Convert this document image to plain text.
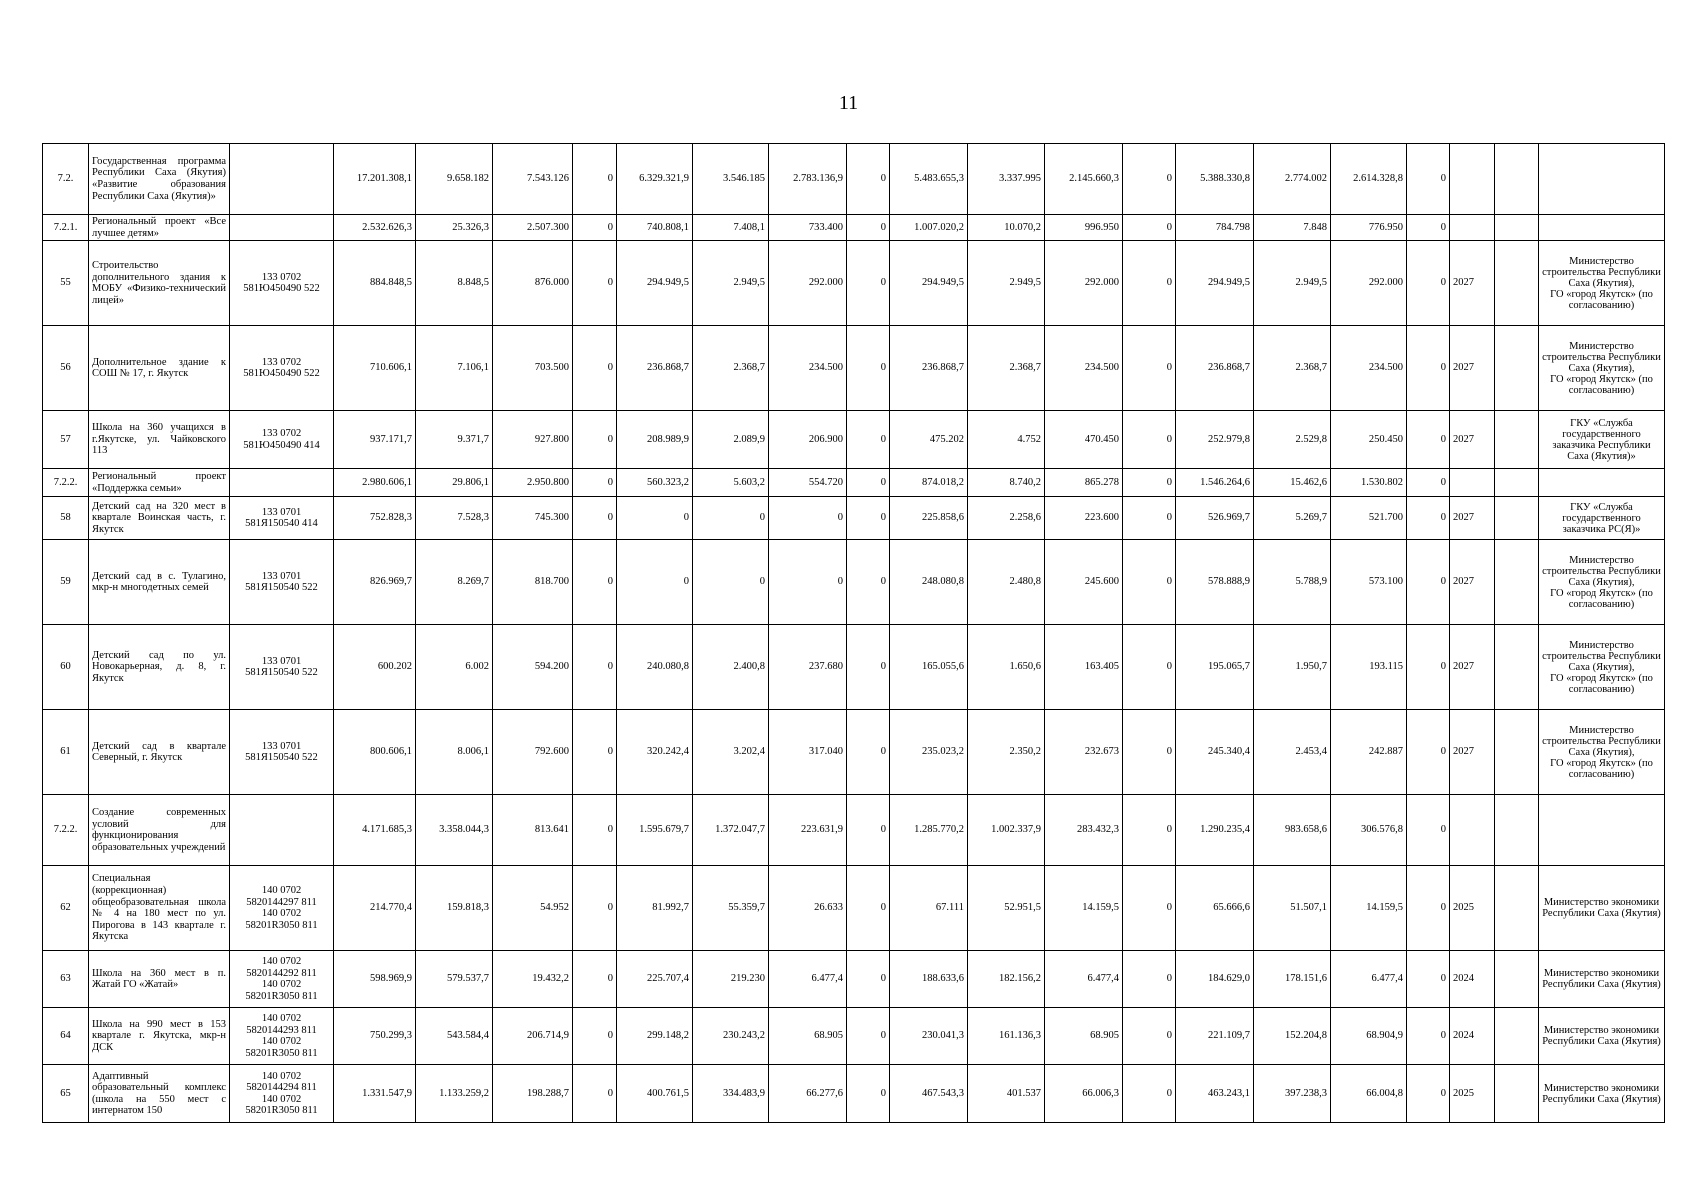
11
7.2.	Государственная программа Республики Саха (Якутия) «Развитие образования Республики Саха (Якутия)»		17.201.308,1	9.658.182	7.543.126	0	6.329.321,9	3.546.185	2.783.136,9	0	5.483.655,3	3.337.995	2.145.660,3	0	5.388.330,8	2.774.002	2.614.328,8	0			
7.2.1.	Региональный проект «Все лучшее детям»		2.532.626,3	25.326,3	2.507.300	0	740.808,1	7.408,1	733.400	0	1.007.020,2	10.070,2	996.950	0	784.798	7.848	776.950	0			
55	Строительство дополнительного здания к МОБУ «Физико-технический лицей»	133 0702
581Ю450490 522	884.848,5	8.848,5	876.000	0	294.949,5	2.949,5	292.000	0	294.949,5	2.949,5	292.000	0	294.949,5	2.949,5	292.000	0	2027		Министерство строительства Республики Саха (Якутия),
ГО «город Якутск» (по согласованию)
56	Дополнительное здание к СОШ № 17, г. Якутск	133 0702
581Ю450490 522	710.606,1	7.106,1	703.500	0	236.868,7	2.368,7	234.500	0	236.868,7	2.368,7	234.500	0	236.868,7	2.368,7	234.500	0	2027		Министерство строительства Республики Саха (Якутия),
ГО «город Якутск» (по согласованию)
57	Школа на 360 учащихся в г.Якутске, ул. Чайковского 113	133 0702
581Ю450490 414	937.171,7	9.371,7	927.800	0	208.989,9	2.089,9	206.900	0	475.202	4.752	470.450	0	252.979,8	2.529,8	250.450	0	2027		ГКУ «Служба государственного заказчика Республики Саха (Якутия)»
7.2.2.	Региональный проект «Поддержка семьи»		2.980.606,1	29.806,1	2.950.800	0	560.323,2	5.603,2	554.720	0	874.018,2	8.740,2	865.278	0	1.546.264,6	15.462,6	1.530.802	0			
58	Детский сад на 320 мест в квартале Воинская часть, г. Якутск	133 0701
581Я150540 414	752.828,3	7.528,3	745.300	0	0	0	0	0	225.858,6	2.258,6	223.600	0	526.969,7	5.269,7	521.700	0	2027		ГКУ «Служба государственного заказчика РС(Я)»
59	Детский сад в с. Тулагино, мкр-н многодетных семей	133 0701
581Я150540 522	826.969,7	8.269,7	818.700	0	0	0	0	0	248.080,8	2.480,8	245.600	0	578.888,9	5.788,9	573.100	0	2027		Министерство строительства Республики Саха (Якутия),
ГО «город Якутск» (по согласованию)
60	Детский сад по ул. Новокарьерная, д. 8, г. Якутск	133 0701
581Я150540 522	600.202	6.002	594.200	0	240.080,8	2.400,8	237.680	0	165.055,6	1.650,6	163.405	0	195.065,7	1.950,7	193.115	0	2027		Министерство строительства Республики Саха (Якутия),
ГО «город Якутск» (по согласованию)
61	Детский сад в квартале Северный, г. Якутск	133 0701
581Я150540 522	800.606,1	8.006,1	792.600	0	320.242,4	3.202,4	317.040	0	235.023,2	2.350,2	232.673	0	245.340,4	2.453,4	242.887	0	2027		Министерство строительства Республики Саха (Якутия),
ГО «город Якутск» (по согласованию)
7.2.2.	Создание современных условий для функционирования образовательных учреждений		4.171.685,3	3.358.044,3	813.641	0	1.595.679,7	1.372.047,7	223.631,9	0	1.285.770,2	1.002.337,9	283.432,3	0	1.290.235,4	983.658,6	306.576,8	0			
62	Специальная (коррекционная) общеобразовательная школа № 4 на 180 мест по ул. Пирогова в 143 квартале г. Якутска	140 0702
5820144297 811
140 0702
58201R3050 811	214.770,4	159.818,3	54.952	0	81.992,7	55.359,7	26.633	0	67.111	52.951,5	14.159,5	0	65.666,6	51.507,1	14.159,5	0	2025		Министерство экономики Республики Саха (Якутия)
63	Школа на 360 мест в п. Жатай ГО «Жатай»	140 0702
5820144292 811
140 0702
58201R3050 811	598.969,9	579.537,7	19.432,2	0	225.707,4	219.230	6.477,4	0	188.633,6	182.156,2	6.477,4	0	184.629,0	178.151,6	6.477,4	0	2024		Министерство экономики Республики Саха (Якутия)
64	Школа на 990 мест в 153 квартале г. Якутска, мкр-н ДСК	140 0702
5820144293 811
140 0702
58201R3050 811	750.299,3	543.584,4	206.714,9	0	299.148,2	230.243,2	68.905	0	230.041,3	161.136,3	68.905	0	221.109,7	152.204,8	68.904,9	0	2024		Министерство экономики Республики Саха (Якутия)
65	Адаптивный образовательный комплекс (школа на 550 мест с интернатом 150	140 0702
5820144294 811
140 0702
58201R3050 811	1.331.547,9	1.133.259,2	198.288,7	0	400.761,5	334.483,9	66.277,6	0	467.543,3	401.537	66.006,3	0	463.243,1	397.238,3	66.004,8	0	2025		Министерство экономики Республики Саха (Якутия)
